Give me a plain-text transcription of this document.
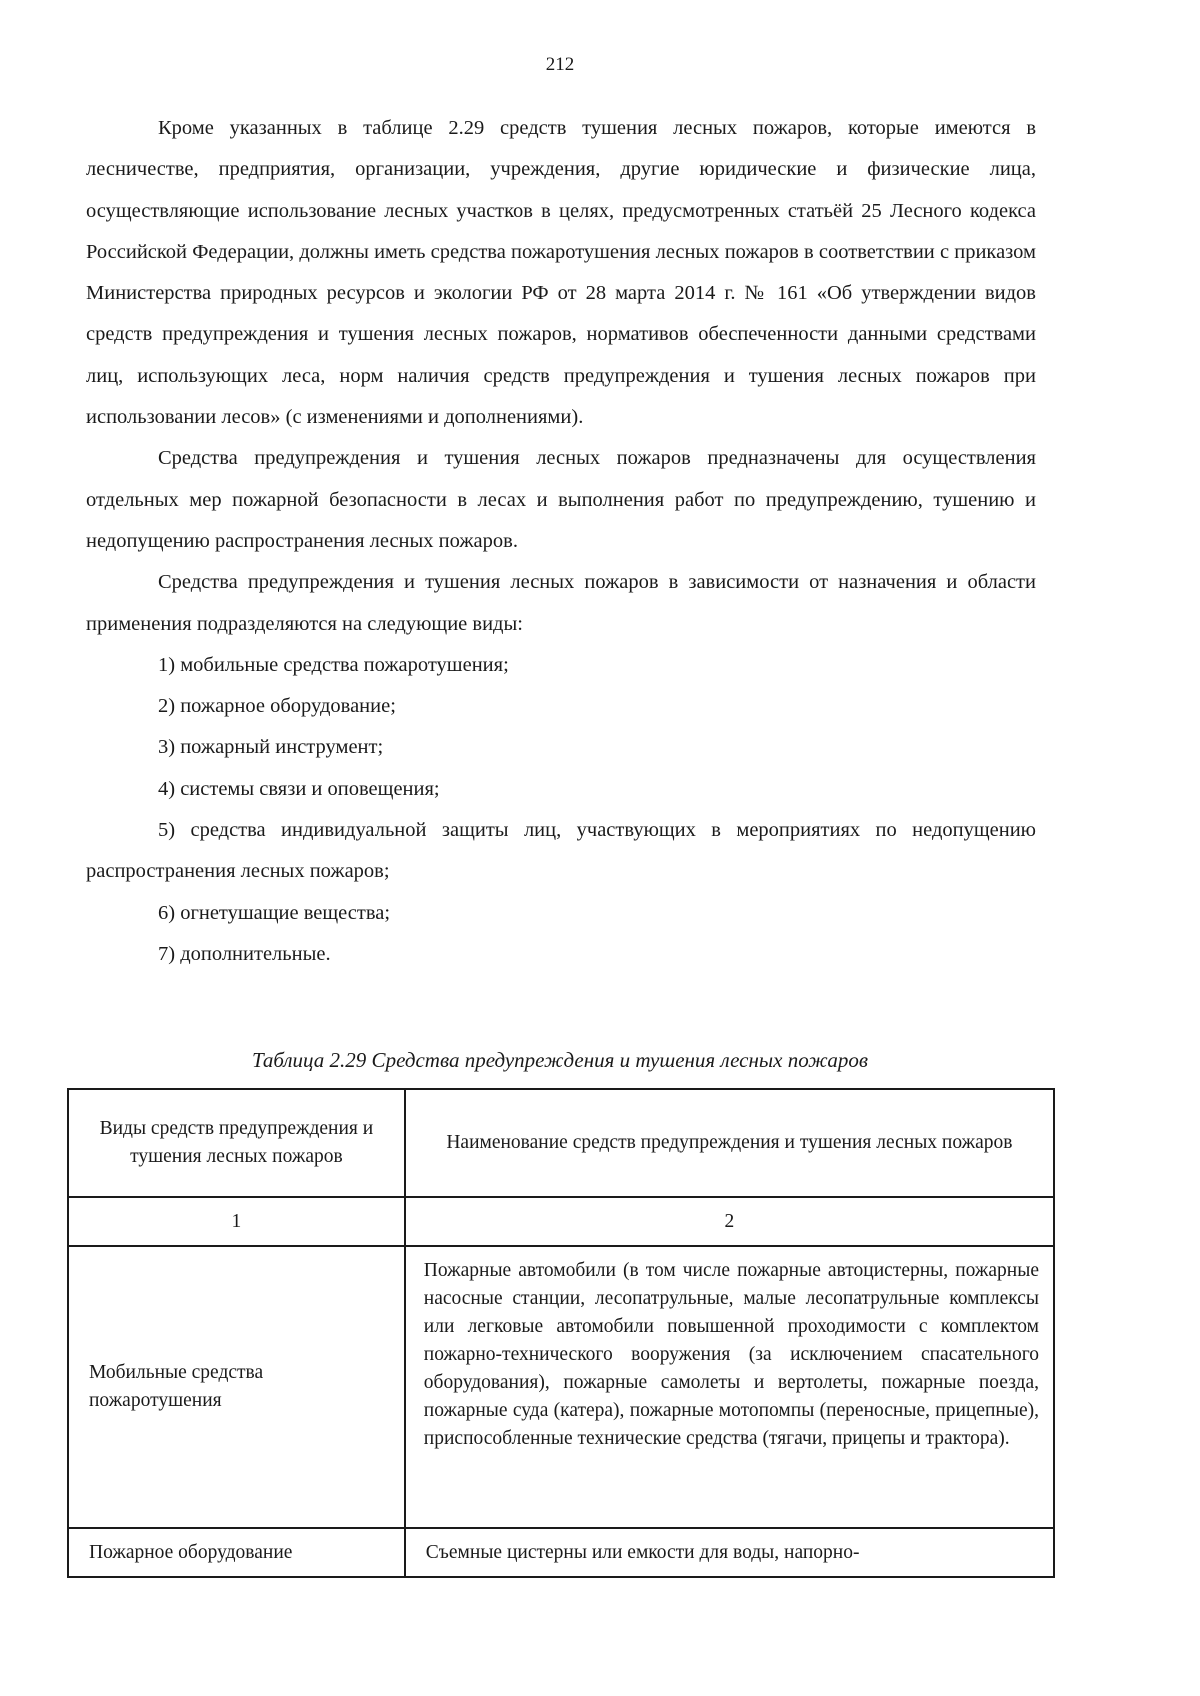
212

Кроме указанных в таблице 2.29 средств тушения лесных пожаров, которые имеются в лесничестве, предприятия, организации, учреждения, другие юридические и физические лица, осуществляющие использование лесных участков в целях, предусмотренных статьёй 25 Лесного кодекса Российской Федерации, должны иметь средства пожаротушения лесных пожаров в соответствии с приказом Министерства природных ресурсов и экологии РФ от 28 марта 2014 г. № 161 «Об утверждении видов средств предупреждения и тушения лесных пожаров, нормативов обеспеченности данными средствами лиц, использующих леса, норм наличия средств предупреждения и тушения лесных пожаров при использовании лесов» (с изменениями и дополнениями).

Средства предупреждения и тушения лесных пожаров предназначены для осуществления отдельных мер пожарной безопасности в лесах и выполнения работ по предупреждению, тушению и недопущению распространения лесных пожаров.

Средства предупреждения и тушения лесных пожаров в зависимости от назначения и области применения подразделяются на следующие виды:

1) мобильные средства пожаротушения;

2) пожарное оборудование;

3) пожарный инструмент;

4) системы связи и оповещения;

5) средства индивидуальной защиты лиц, участвующих в мероприятиях по недопущению распространения лесных пожаров;

6) огнетушащие вещества;

7) дополнительные.

Таблица 2.29 Средства предупреждения и тушения лесных пожаров
Виды средств предупреждения и тушения лесных пожаров	Наименование средств предупреждения и тушения лесных пожаров
1	2
Мобильные средства пожаротушения	Пожарные автомобили (в том числе пожарные автоцистерны, пожарные насосные станции, лесопатрульные, малые лесопатрульные комплексы или легковые автомобили повышенной проходимости с комплектом пожарно-технического вооружения (за исключением спасательного оборудования), пожарные самолеты и вертолеты, пожарные поезда, пожарные суда (катера), пожарные мотопомпы (переносные, прицепные), приспособленные технические средства (тягачи, прицепы и трактора).
Пожарное оборудование	Съемные цистерны или емкости для воды, напорно-
